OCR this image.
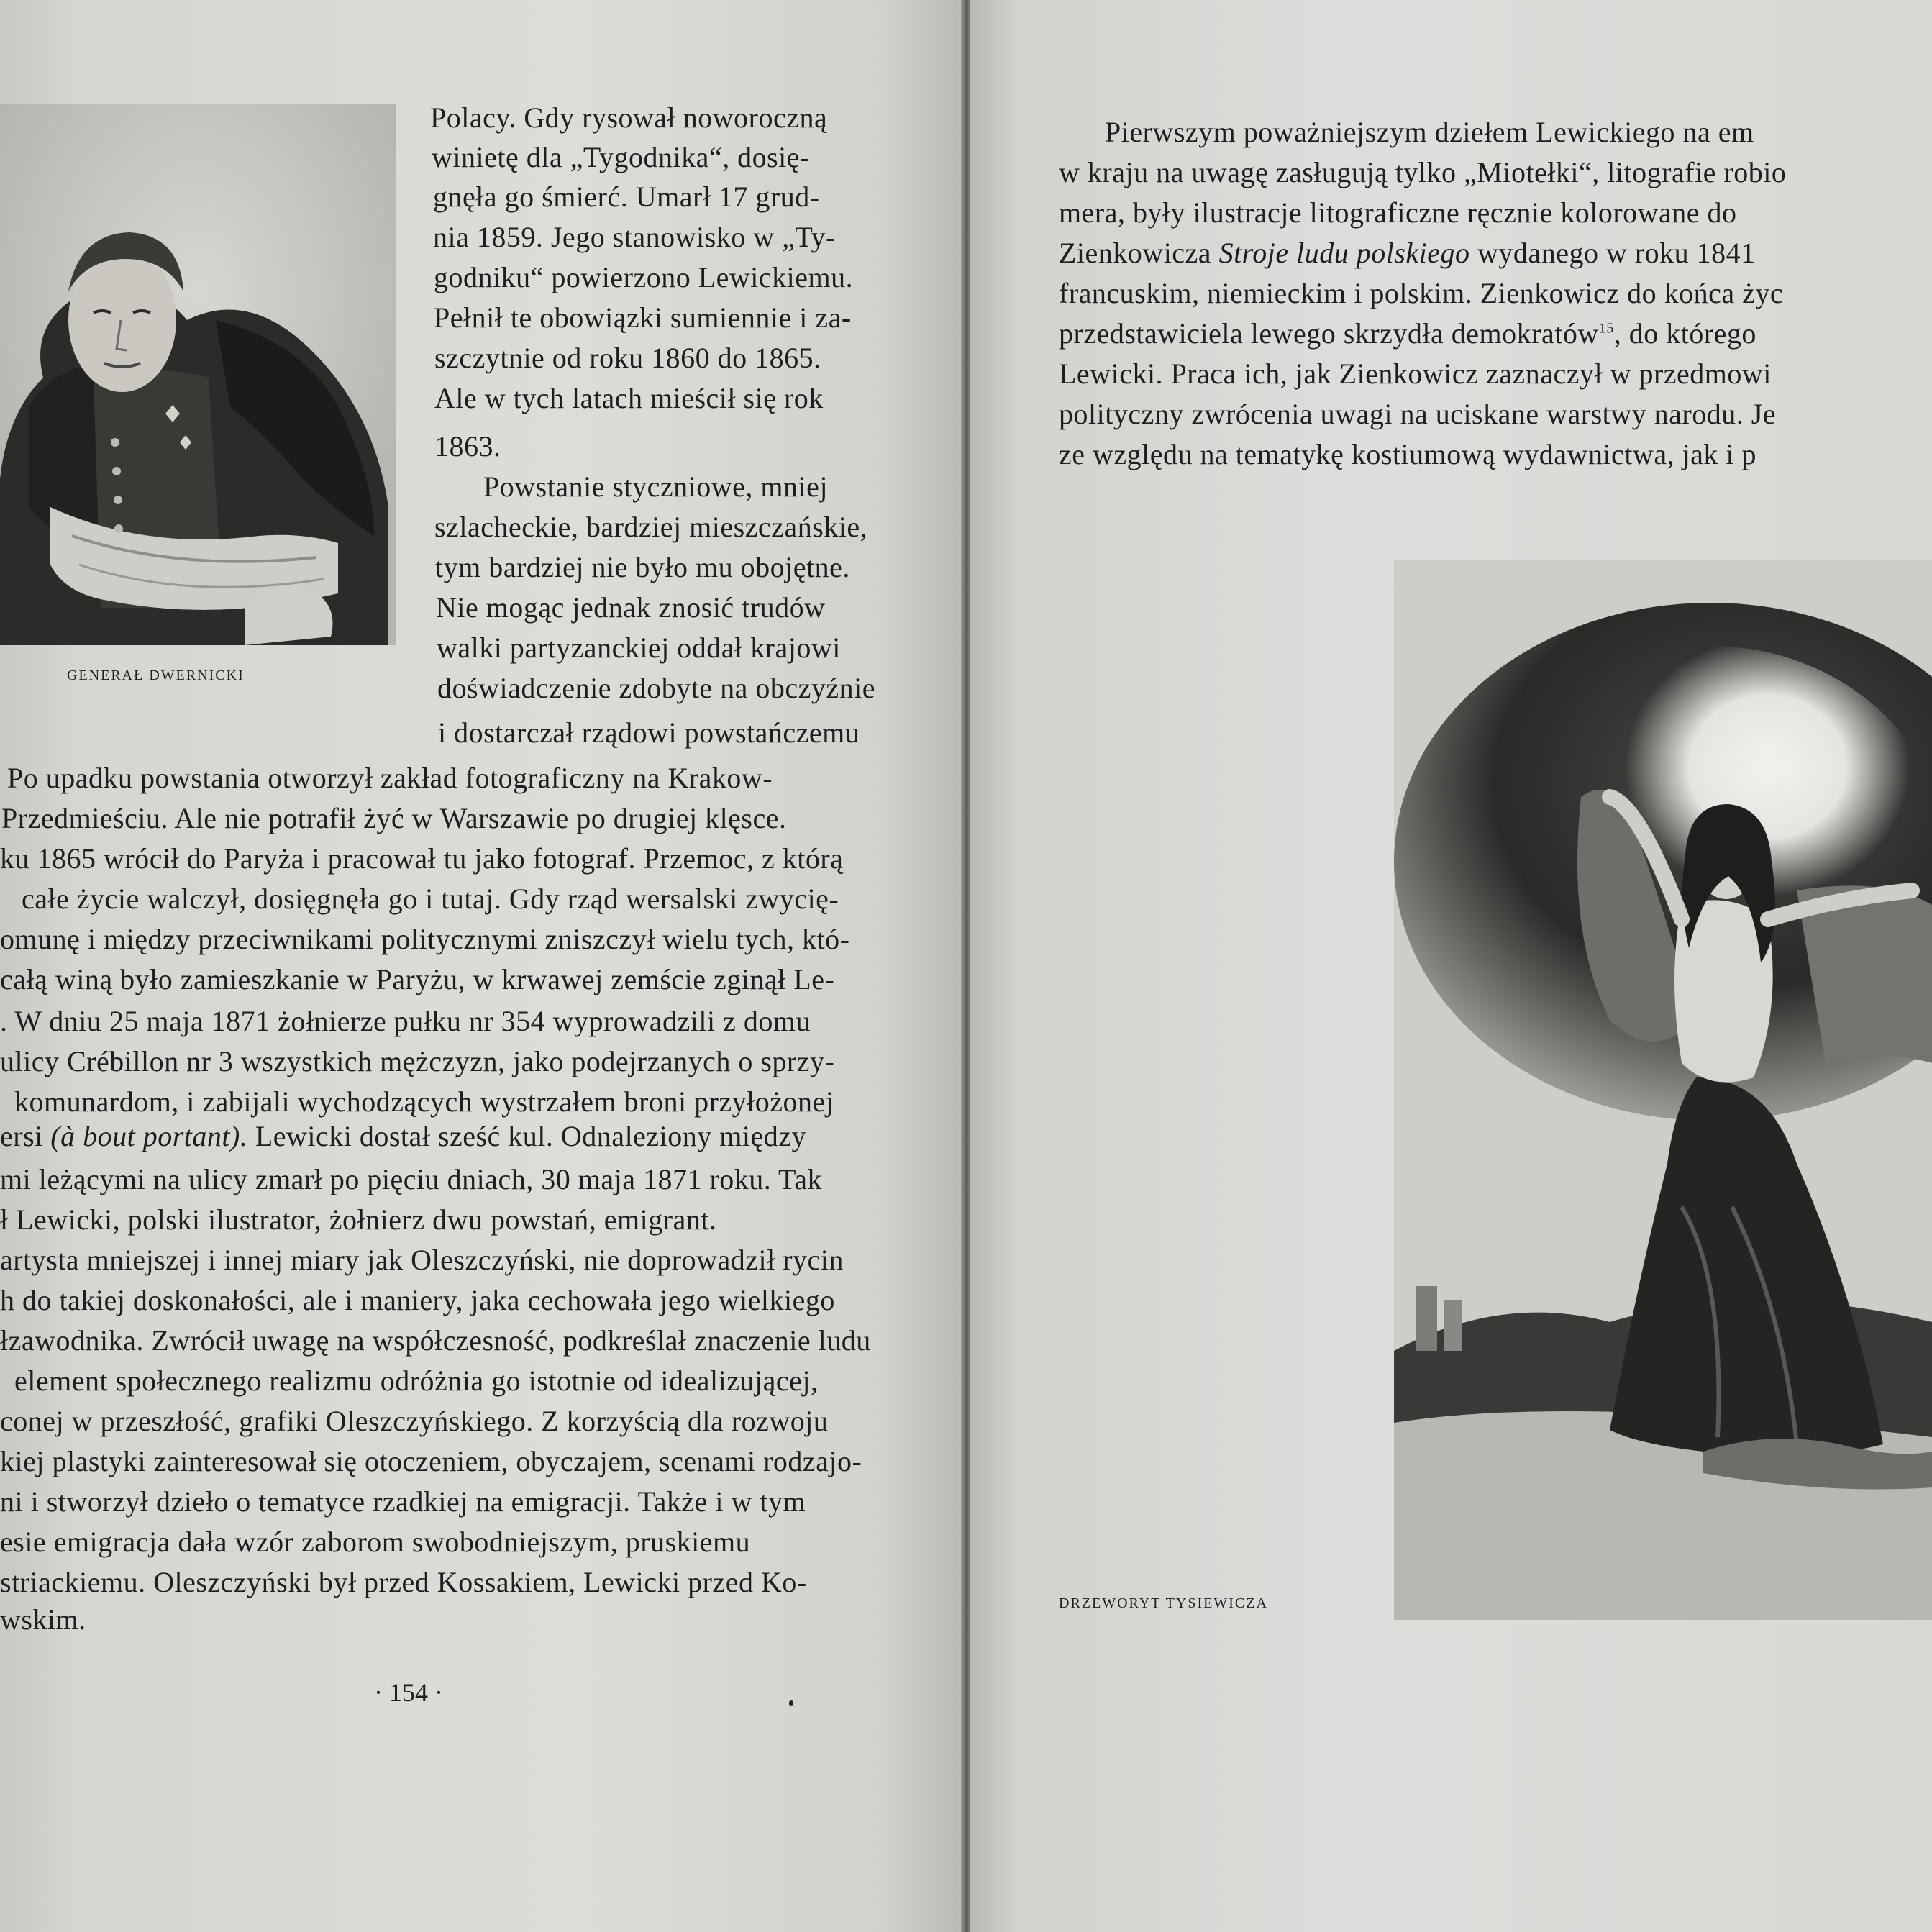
GENERAŁ DWERNICKI
Polacy. Gdy rysował noworoczną
winietę dla „Tygodnika“, dosię-
gnęła go śmierć. Umarł 17 grud-
nia 1859. Jego stanowisko w „Ty-
godniku“ powierzono Lewickiemu.
Pełnił te obowiązki sumiennie i za-
szczytnie od roku 1860 do 1865.
Ale w tych latach mieścił się rok
1863.
Powstanie styczniowe, mniej
szlacheckie, bardziej mieszczańskie,
tym bardziej nie było mu obojętne.
Nie mogąc jednak znosić trudów
walki partyzanckiej oddał krajowi
doświadczenie zdobyte na obczyźnie
i dostarczał rządowi powstańczemu
Po upadku powstania otworzył zakład fotograficzny na Krakow-
Przedmieściu. Ale nie potrafił żyć w Warszawie po drugiej klęsce.
ku 1865 wrócił do Paryża i pracował tu jako fotograf. Przemoc, z którą
całe życie walczył, dosięgnęła go i tutaj. Gdy rząd wersalski zwycię-
omunę i między przeciwnikami politycznymi zniszczył wielu tych, któ-
całą winą było zamieszkanie w Paryżu, w krwawej zemście zginął Le-
. W dniu 25 maja 1871 żołnierze pułku nr 354 wyprowadzili z domu
ulicy Crébillon nr 3 wszystkich mężczyzn, jako podejrzanych o sprzy-
komunardom, i zabijali wychodzących wystrzałem broni przyłożonej
ersi (à bout portant). Lewicki dostał sześć kul. Odnaleziony między
mi leżącymi na ulicy zmarł po pięciu dniach, 30 maja 1871 roku. Tak
ł Lewicki, polski ilustrator, żołnierz dwu powstań, emigrant.
artysta mniejszej i innej miary jak Oleszczyński, nie doprowadził rycin
h do takiej doskonałości, ale i maniery, jaka cechowała jego wielkiego
łzawodnika. Zwrócił uwagę na współczesność, podkreślał znaczenie ludu
element społecznego realizmu odróżnia go istotnie od idealizującej,
conej w przeszłość, grafiki Oleszczyńskiego. Z korzyścią dla rozwoju
kiej plastyki zainteresował się otoczeniem, obyczajem, scenami rodzajo-
ni i stworzył dzieło o tematyce rzadkiej na emigracji. Także i w tym
esie emigracja dała wzór zaborom swobodniejszym, pruskiemu
striackiemu. Oleszczyński był przed Kossakiem, Lewicki przed Ko-
wskim.
· 154 ·
Pierwszym poważniejszym dziełem Lewickiego na em
w kraju na uwagę zasługują tylko „Miotełki“, litografie robio
mera, były ilustracje litograficzne ręcznie kolorowane do
Zienkowicza Stroje ludu polskiego wydanego w roku 1841
francuskim, niemieckim i polskim. Zienkowicz do końca życ
przedstawiciela lewego skrzydła demokratów$^{15}$, do którego
Lewicki. Praca ich, jak Zienkowicz zaznaczył w przedmowi
polityczny zwrócenia uwagi na uciskane warstwy narodu. Je
ze względu na tematykę kostiumową wydawnictwa, jak i p
DRZEWORYT TYSIEWICZA
